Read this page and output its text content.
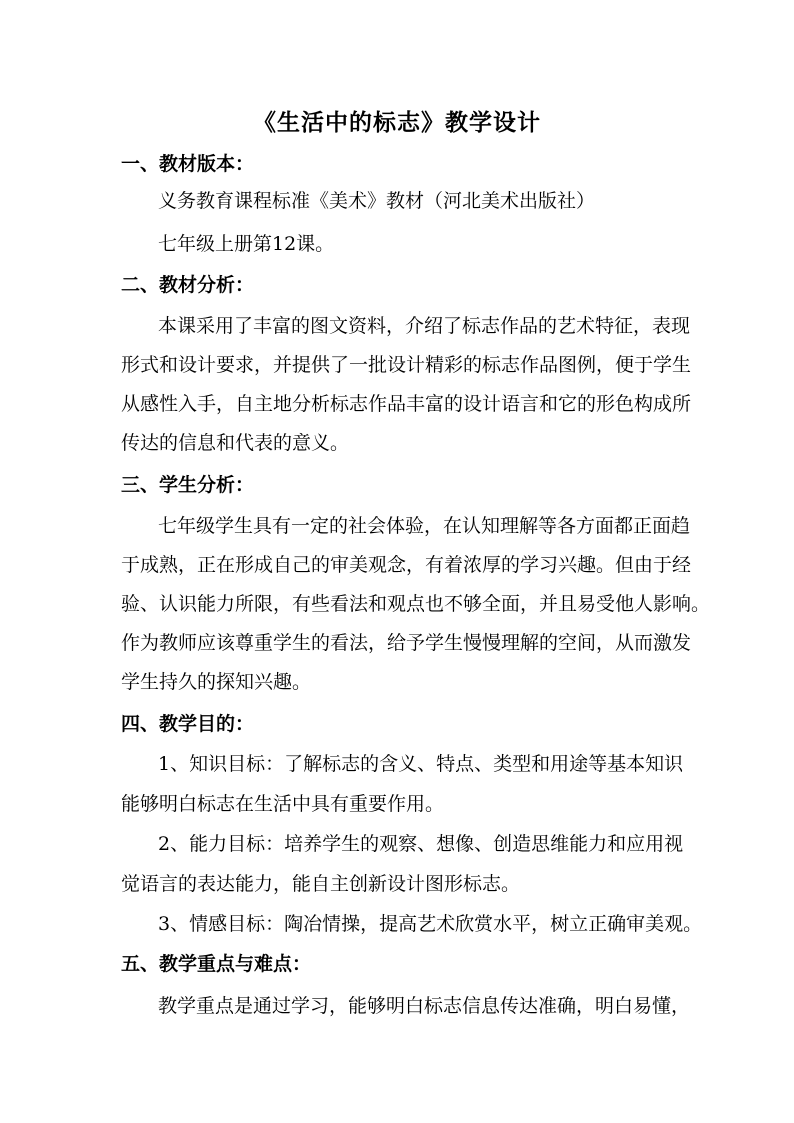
《生活中的标志》教学设计
一、教材版本：
义务教育课程标准《美术》教材（河北美术出版社）
七年级上册第12课。
二、教材分析：
本课采用了丰富的图文资料，介绍了标志作品的艺术特征，表现
形式和设计要求，并提供了一批设计精彩的标志作品图例，便于学生
从感性入手，自主地分析标志作品丰富的设计语言和它的形色构成所
传达的信息和代表的意义。
三、学生分析：
七年级学生具有一定的社会体验，在认知理解等各方面都正面趋
于成熟，正在形成自己的审美观念，有着浓厚的学习兴趣。但由于经
验、认识能力所限，有些看法和观点也不够全面，并且易受他人影响。
作为教师应该尊重学生的看法，给予学生慢慢理解的空间，从而激发
学生持久的探知兴趣。
四、教学目的：
1、知识目标：了解标志的含义、特点、类型和用途等基本知识
能够明白标志在生活中具有重要作用。
2、能力目标：培养学生的观察、想像、创造思维能力和应用视
觉语言的表达能力，能自主创新设计图形标志。
3、情感目标：陶冶情操，提高艺术欣赏水平，树立正确审美观。
五、教学重点与难点：
教学重点是通过学习，能够明白标志信息传达准确，明白易懂，
